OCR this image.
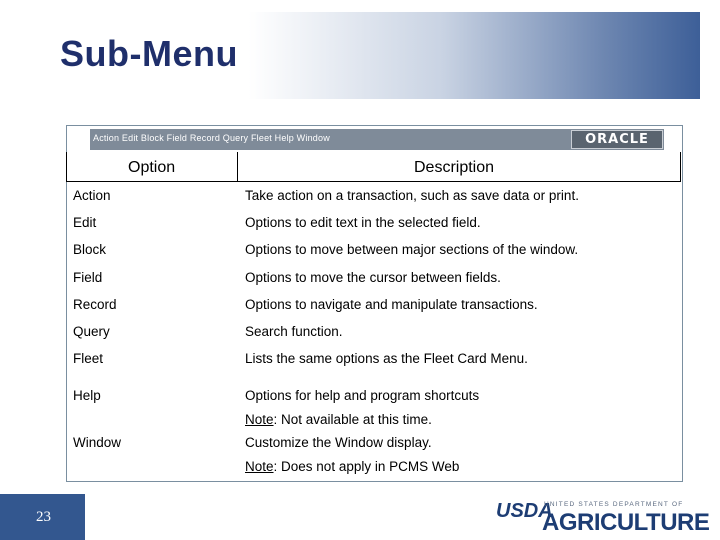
Sub-Menu
Action Edit Block Field Record Query Fleet Help Window	ORACLE
Option	Description
Action	Take action on a transaction, such as save data or print.
Edit	Options to edit text in the selected field.
Block	Options to move between major sections of the window.
Field	Options to move the cursor between fields.
Record	Options to navigate and manipulate transactions.
Query	Search function.
Fleet	Lists the same options as the Fleet Card Menu.
Help	Options for help and program shortcuts
Note: Not available at this time.
Window	Customize the Window display.
Note: Does not apply in PCMS Web
23	USDA
UNITED STATES DEPARTMENT OF
AGRICULTURE
